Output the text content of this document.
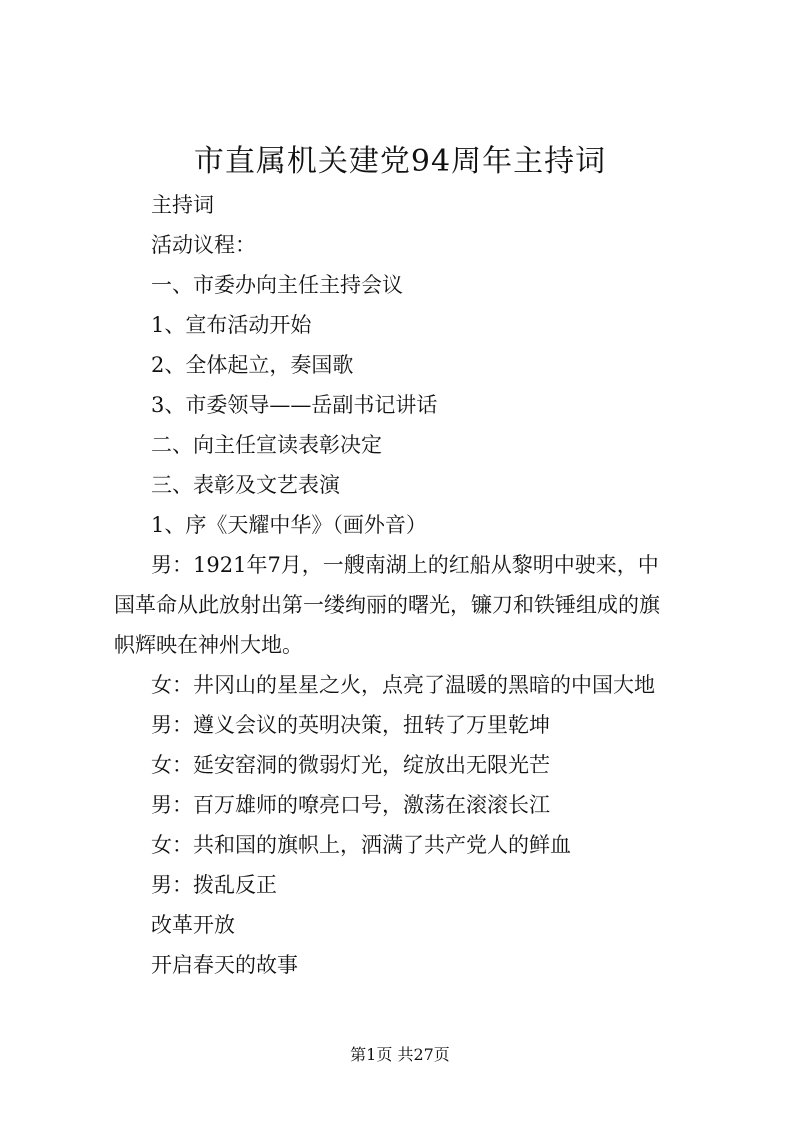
市直属机关建党94周年主持词

主持词

活动议程：

一、市委办向主任主持会议

1、宣布活动开始

2、全体起立，奏国歌

3、市委领导——岳副书记讲话

二、向主任宣读表彰决定

三、表彰及文艺表演

1、序《天耀中华》（画外音）

男：1921年7月，一艘南湖上的红船从黎明中驶来，中

国革命从此放射出第一缕绚丽的曙光，镰刀和铁锤组成的旗

帜辉映在神州大地。

女：井冈山的星星之火，点亮了温暖的黑暗的中国大地

男：遵义会议的英明决策，扭转了万里乾坤

女：延安窑洞的微弱灯光，绽放出无限光芒

男：百万雄师的嘹亮口号，激荡在滚滚长江

女：共和国的旗帜上，洒满了共产党人的鲜血

男：拨乱反正

改革开放

开启春天的故事

第1页 共27页
